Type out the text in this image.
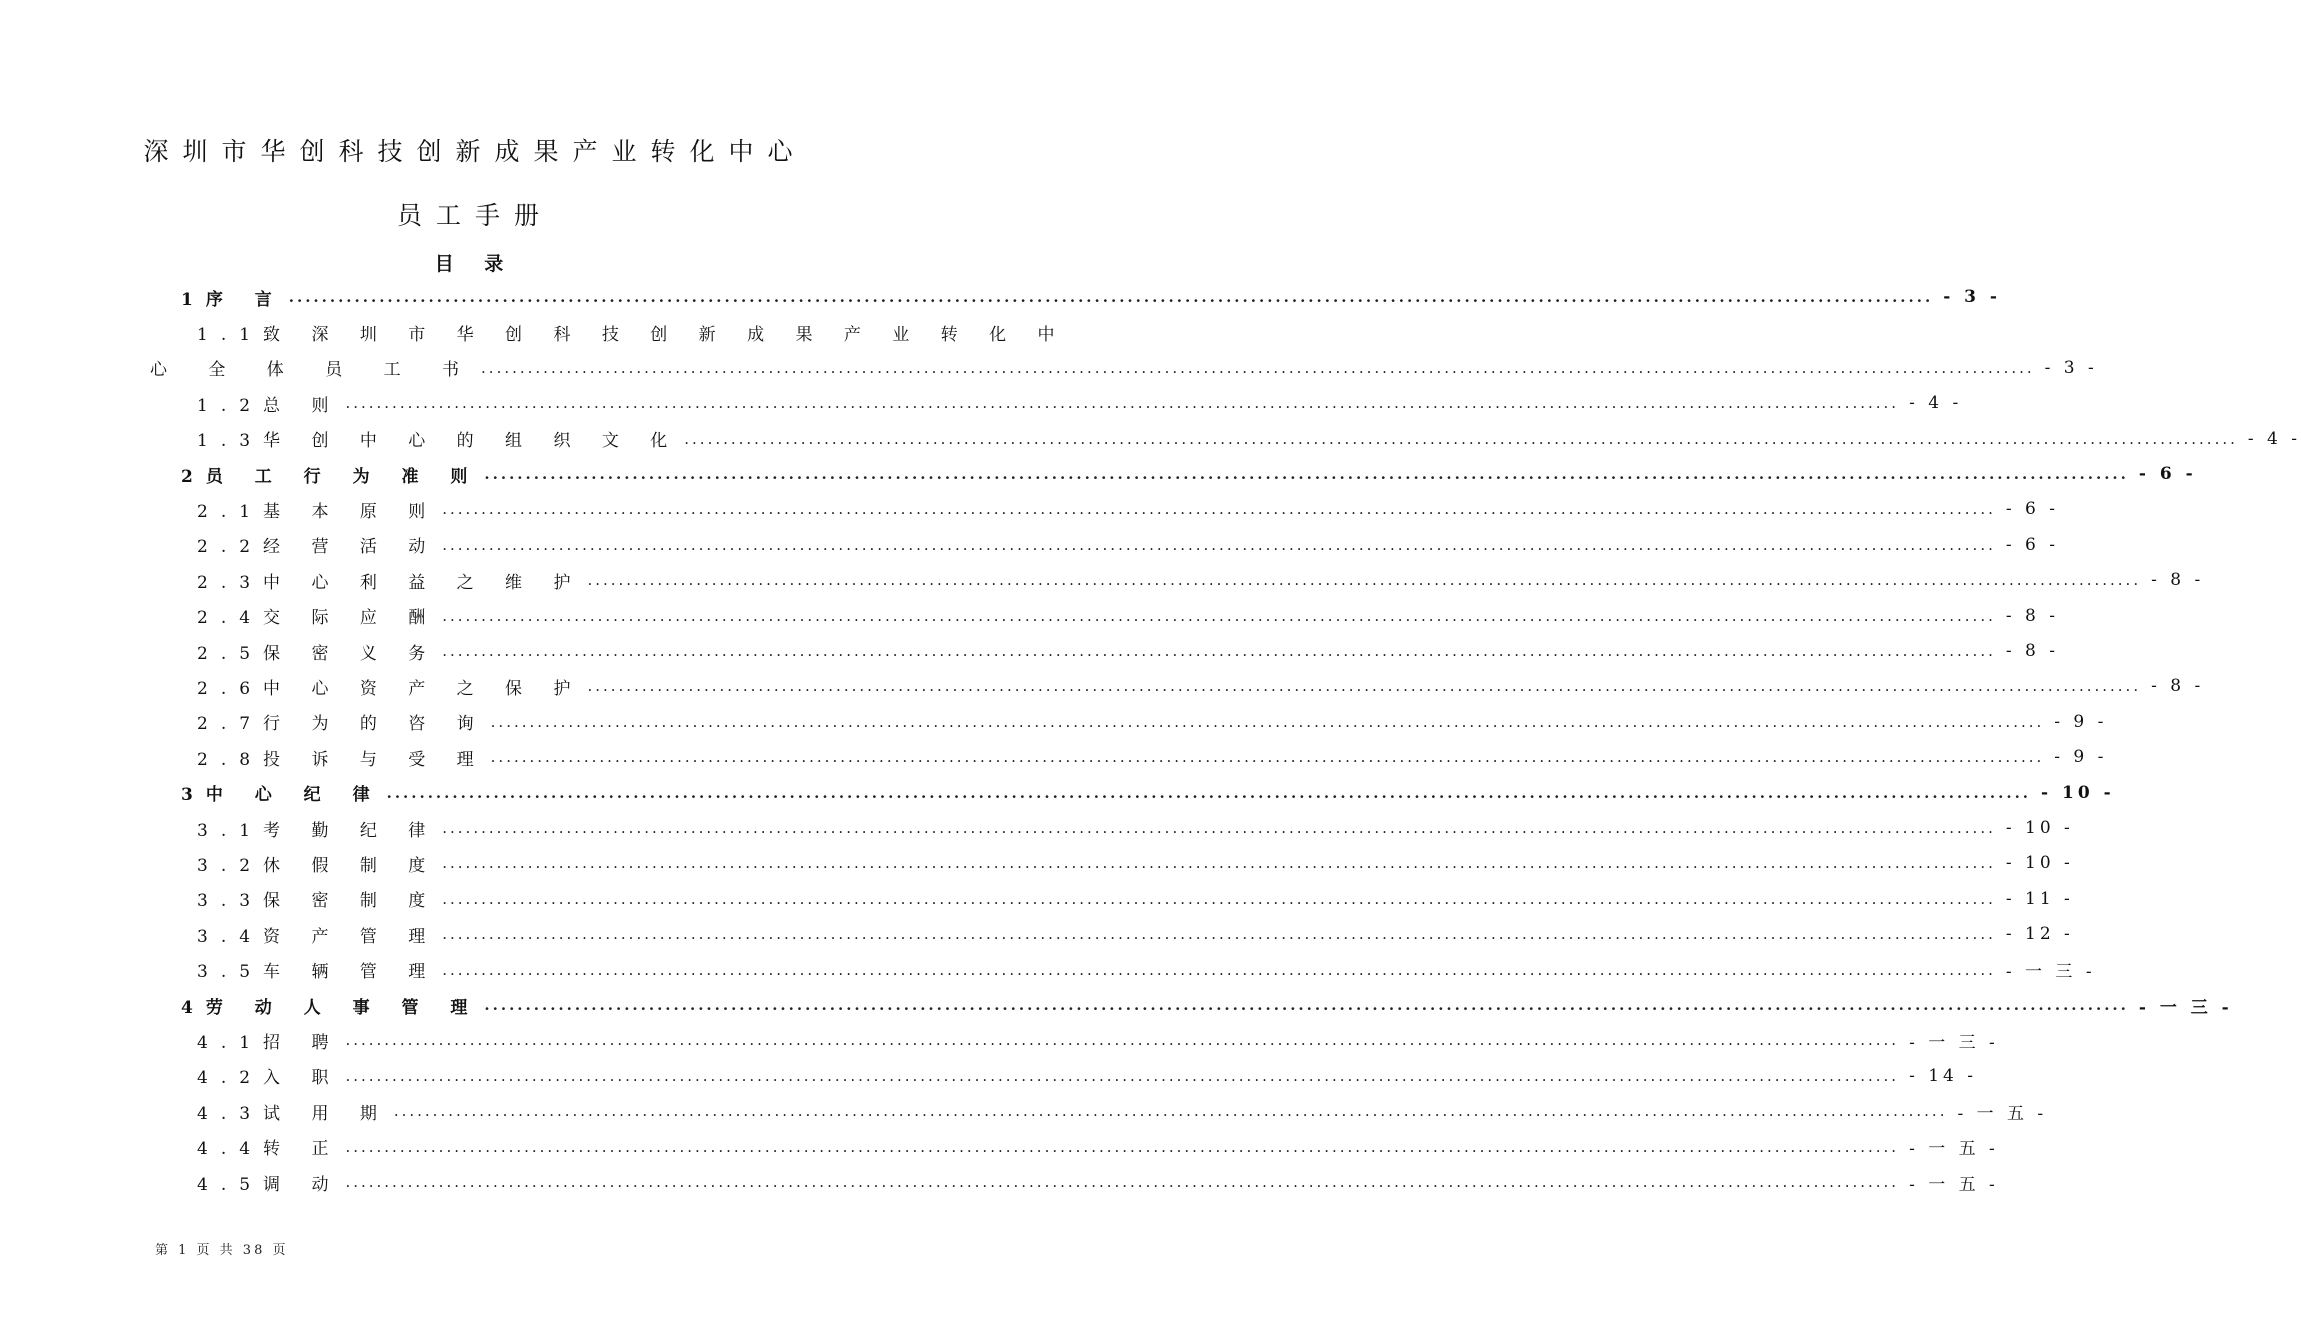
深圳市华创科技创新成果产业转化中心
员工手册
目 录
1序 言 ........................................................................................................................................................................................................ - 3 -
1.1致 深 圳 市 华 创 科 技 创 新 成 果 产 业 转 化 中
心 全 体 员 工 书 ........................................................................................................................................................................................................ - 3 -
1.2总 则 ........................................................................................................................................................................................................ - 4 -
1.3华 创 中 心 的 组 织 文 化 ........................................................................................................................................................................................................ - 4 -
2员 工 行 为 准 则 ........................................................................................................................................................................................................ - 6 -
2.1基 本 原 则 ........................................................................................................................................................................................................ - 6 -
2.2经 营 活 动 ........................................................................................................................................................................................................ - 6 -
2.3中 心 利 益 之 维 护 ........................................................................................................................................................................................................ - 8 -
2.4交 际 应 酬 ........................................................................................................................................................................................................ - 8 -
2.5保 密 义 务 ........................................................................................................................................................................................................ - 8 -
2.6中 心 资 产 之 保 护 ........................................................................................................................................................................................................ - 8 -
2.7行 为 的 咨 询 ........................................................................................................................................................................................................ - 9 -
2.8投 诉 与 受 理 ........................................................................................................................................................................................................ - 9 -
3中 心 纪 律 ........................................................................................................................................................................................................ - 10 -
3.1考 勤 纪 律 ........................................................................................................................................................................................................ - 10 -
3.2休 假 制 度 ........................................................................................................................................................................................................ - 10 -
3.3保 密 制 度 ........................................................................................................................................................................................................ - 11 -
3.4资 产 管 理 ........................................................................................................................................................................................................ - 12 -
3.5车 辆 管 理 ........................................................................................................................................................................................................ - 一 三 -
4劳 动 人 事 管 理 ........................................................................................................................................................................................................ - 一 三 -
4.1招 聘 ........................................................................................................................................................................................................ - 一 三 -
4.2入 职 ........................................................................................................................................................................................................ - 14 -
4.3试 用 期 ........................................................................................................................................................................................................ - 一 五 -
4.4转 正 ........................................................................................................................................................................................................ - 一 五 -
4.5调 动 ........................................................................................................................................................................................................ - 一 五 -
第 1 页 共 38 页
